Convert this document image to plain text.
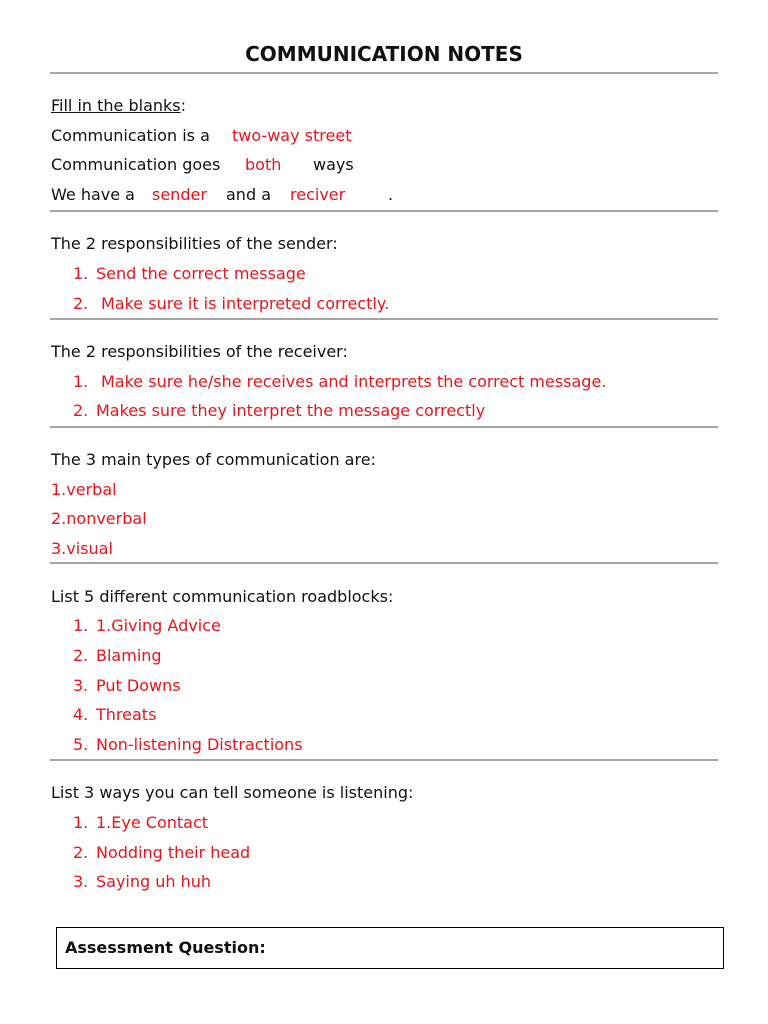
COMMUNICATION NOTES
Fill in the blanks:
Communication is a two-way street
Communication goes both ways
We have a sender and a reciver	.
The 2 responsibilities of the sender:
1. Send the correct message
2. Make sure it is interpreted correctly.
The 2 responsibilities of the receiver:
1. Make sure he/she receives and interprets the correct message.
2. Makes sure they interpret the message correctly
The 3 main types of communication are:
1.verbal
2.nonverbal
3.visual
List 5 different communication roadblocks:
1. 1.Giving Advice
2. Blaming
3. Put Downs
4. Threats
5. Non-listening Distractions
List 3 ways you can tell someone is listening:
1. 1.Eye Contact
2. Nodding their head
3. Saying uh huh
Assessment Question:
